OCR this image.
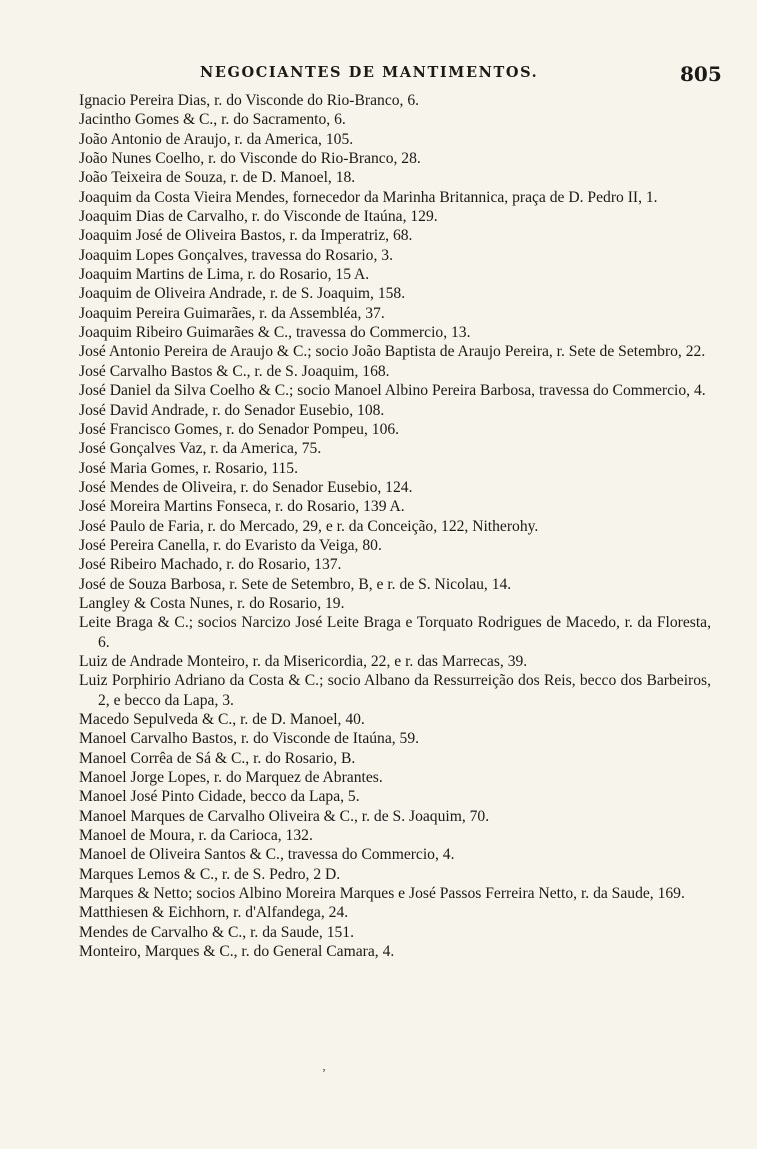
NEGOCIANTES DE MANTIMENTOS.	805
Ignacio Pereira Dias, r. do Visconde do Rio-Branco, 6.
Jacintho Gomes & C., r. do Sacramento, 6.
João Antonio de Araujo, r. da America, 105.
João Nunes Coelho, r. do Visconde do Rio-Branco, 28.
João Teixeira de Souza, r. de D. Manoel, 18.
Joaquim da Costa Vieira Mendes, fornecedor da Marinha Britannica, praça de D. Pedro II, 1.
Joaquim Dias de Carvalho, r. do Visconde de Itaúna, 129.
Joaquim José de Oliveira Bastos, r. da Imperatriz, 68.
Joaquim Lopes Gonçalves, travessa do Rosario, 3.
Joaquim Martins de Lima, r. do Rosario, 15 A.
Joaquim de Oliveira Andrade, r. de S. Joaquim, 158.
Joaquim Pereira Guimarães, r. da Assembléa, 37.
Joaquim Ribeiro Guimarães & C., travessa do Commercio, 13.
José Antonio Pereira de Araujo & C.; socio João Baptista de Araujo Pereira, r. Sete de Setembro, 22.
José Carvalho Bastos & C., r. de S. Joaquim, 168.
José Daniel da Silva Coelho & C.; socio Manoel Albino Pereira Barbosa, travessa do Commercio, 4.
José David Andrade, r. do Senador Eusebio, 108.
José Francisco Gomes, r. do Senador Pompeu, 106.
José Gonçalves Vaz, r. da America, 75.
José Maria Gomes, r. Rosario, 115.
José Mendes de Oliveira, r. do Senador Eusebio, 124.
José Moreira Martins Fonseca, r. do Rosario, 139 A.
José Paulo de Faria, r. do Mercado, 29, e r. da Conceição, 122, Nitherohy.
José Pereira Canella, r. do Evaristo da Veiga, 80.
José Ribeiro Machado, r. do Rosario, 137.
José de Souza Barbosa, r. Sete de Setembro, B, e r. de S. Nicolau, 14.
Langley & Costa Nunes, r. do Rosario, 19.
Leite Braga & C.; socios Narcizo José Leite Braga e Torquato Rodrigues de Macedo, r. da Floresta, 6.
Luiz de Andrade Monteiro, r. da Misericordia, 22, e r. das Marrecas, 39.
Luiz Porphirio Adriano da Costa & C.; socio Albano da Ressurreição dos Reis, becco dos Barbeiros, 2, e becco da Lapa, 3.
Macedo Sepulveda & C., r. de D. Manoel, 40.
Manoel Carvalho Bastos, r. do Visconde de Itaúna, 59.
Manoel Corrêa de Sá & C., r. do Rosario, B.
Manoel Jorge Lopes, r. do Marquez de Abrantes.
Manoel José Pinto Cidade, becco da Lapa, 5.
Manoel Marques de Carvalho Oliveira & C., r. de S. Joaquim, 70.
Manoel de Moura, r. da Carioca, 132.
Manoel de Oliveira Santos & C., travessa do Commercio, 4.
Marques Lemos & C., r. de S. Pedro, 2 D.
Marques & Netto; socios Albino Moreira Marques e José Passos Ferreira Netto, r. da Saude, 169.
Matthiesen & Eichhorn, r. d'Alfandega, 24.
Mendes de Carvalho & C., r. da Saude, 151.
Monteiro, Marques & C., r. do General Camara, 4.
ʼ
